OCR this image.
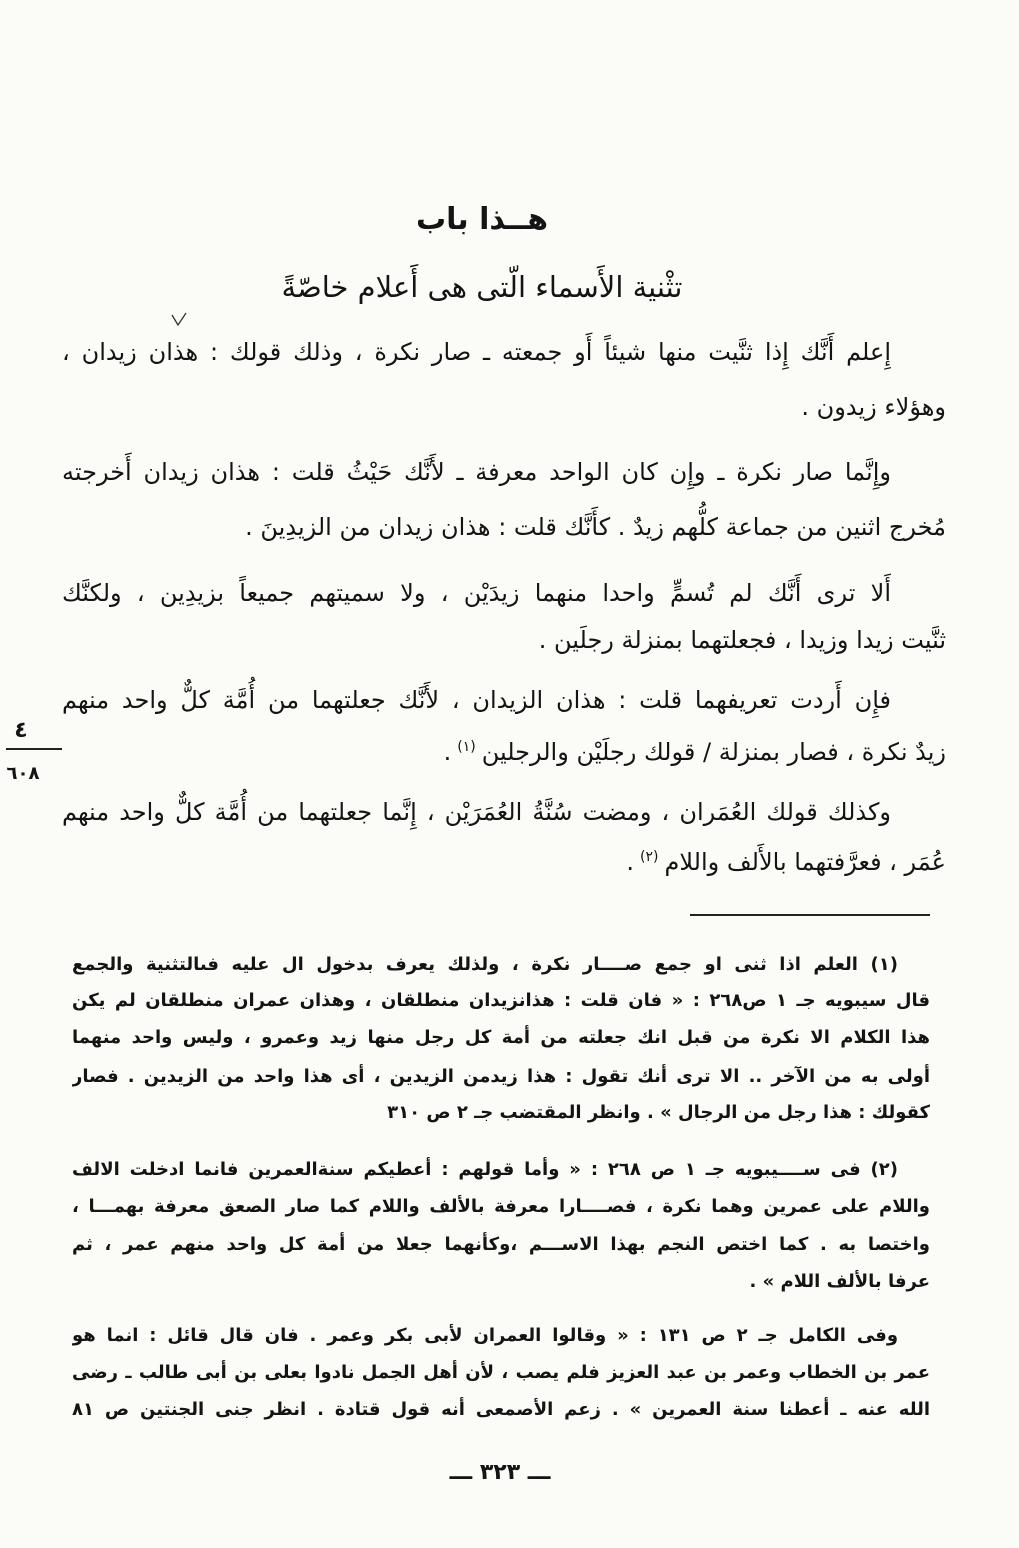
هــذا باب
تثْنية الأَسماء الّتى هى أَعلام خاصّةً
إِعلم أَنَّك إِذا ثنَّيت منها شيئاً أَو جمعته ـ صار نكرة ، وذلك قولك : هذان زيدان ،
وهؤلاء زيدون .
وإِنَّما صار نكرة ـ وإِن كان الواحد معرفة ـ لأَنَّك حَيْثُ قلت : هذان زيدان أَخرجته
مُخرج اثنين من جماعة كلُّهم زيدٌ . كأَنَّك قلت : هذان زيدان من الزيدِينَ .
أَلا ترى أَنَّك لم تُسمٍّ واحدا منهما زيدَيْن ، ولا سميتهم جميعاً بزيدِين ، ولكنَّك
ثنَّيت زيدا وزيدا ، فجعلتهما بمنزلة رجلَين .
فإِن أَردت تعريفهما قلت : هذان الزيدان ، لأَنَّك جعلتهما من أُمَّة كلٌّ واحد منهم
زيدٌ نكرة ، فصار بمنزلة / قولك رجلَيْن والرجلين$^{(١)}$.
وكذلك قولك العُمَران ، ومضت سُنَّةُ العُمَرَيْن ، إِنَّما جعلتهما من أُمَّة كلٌّ واحد منهم
عُمَر ، فعرَّفتهما بالأَلف واللام$^{(٢)}$.
٤
٦٠٨
(١) العلم اذا ثنى او جمع صــــار نكرة ، ولذلك يعرف بدخول ال عليه فىالتثنية والجمع
قال سيبويه جـ ١ ص٢٦٨ : « فان قلت : هذانزيدان منطلقان ، وهذان عمران منطلقان لم يكن
هذا الكلام الا نكرة من قبل انك جعلته من أمة كل رجل منها زيد وعمرو ، وليس واحد منهما
أولى به من الآخر .. الا ترى أنك تقول : هذا زيدمن الزيدين ، أى هذا واحد من الزيدين . فصار
كقولك : هذا رجل من الرجال » . وانظر المقتضب جـ ٢ ص ٣١٠
(٢) فى ســــيبويه جـ ١ ص ٢٦٨ : « وأما قولهم : أعطيكم سنةالعمرين فانما ادخلت الالف
واللام على عمرين وهما نكرة ، فصــــارا معرفة بالألف واللام كما صار الصعق معرفة بهمـــا ،
واختصا به . كما اختص النجم بهذا الاســـم ،وكأنهما جعلا من أمة كل واحد منهم عمر ، ثم
عرفا بالألف اللام » .
وفى الكامل جـ ٢ ص ١٣١ : « وقالوا العمران لأبى بكر وعمر . فان قال قائل : انما هو
عمر بن الخطاب وعمر بن عبد العزيز فلم يصب ، لأن أهل الجمل نادوا بعلى بن أبى طالب ـ رضى
الله عنه ـ أعطنا سنة العمرين » . زعم الأصمعى أنه قول قتادة . انظر جنى الجنتين ص ٨١
ـــ ٣٢٣ ـــ
